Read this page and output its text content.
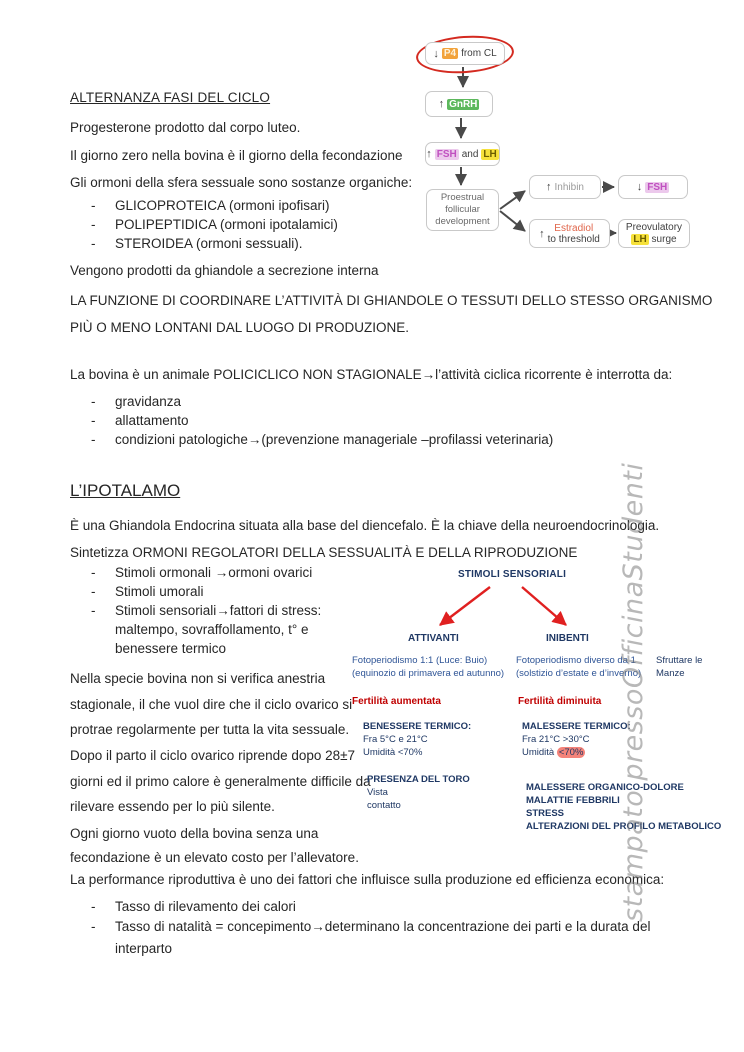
stampato pressoOfficinaStudenti
ALTERNANZA FASI DEL CICLO

Progesterone prodotto dal corpo luteo.

Il giorno zero nella bovina è il giorno della fecondazione

Gli ormoni della sfera sessuale sono sostanze organiche:

-	GLICOPROTEICA (ormoni ipofisari)
-	POLIPEPTIDICA (ormoni ipotalamici)
-	STEROIDEA (ormoni sessuali).

Vengono prodotti da ghiandole a secrezione interna

LA FUNZIONE DI COORDINARE L’ATTIVITÀ DI GHIANDOLE O TESSUTI DELLO STESSO ORGANISMO PIÙ O MENO LONTANI DAL LUOGO DI PRODUZIONE.

La bovina è un animale POLICICLICO NON STAGIONALE→l’attività ciclica ricorrente è interrotta da:

-	gravidanza
-	allattamento
-	condizioni patologiche→(prevenzione manageriale –profilassi veterinaria)
L’IPOTALAMO

È una Ghiandola Endocrina situata alla base del diencefalo. È la chiave della neuroendocrinologia. Sintetizza ORMONI REGOLATORI DELLA SESSUALITÀ E DELLA RIPRODUZIONE

-	Stimoli ormonali →ormoni ovarici
-	Stimoli umorali
-	Stimoli sensoriali→fattori di stress: maltempo, sovraffollamento, t° e benessere termico

Nella specie bovina non si verifica anestria stagionale, il che vuol dire che il ciclo ovarico si protrae regolarmente per tutta la vita sessuale.

Dopo il parto il ciclo ovarico riprende dopo 28±7 giorni ed il primo calore è generalmente difficile da rilevare essendo per lo più silente.

Ogni giorno vuoto della bovina senza una fecondazione è un elevato costo per l’allevatore.

La performance riproduttiva è uno dei fattori che influisce sulla produzione ed efficienza economica:

-	Tasso di rilevamento dei calori
-	Tasso di natalità = concepimento→determinano la concentrazione dei parti e la durata del interparto
↓ P4 from CL
↑ GnRH
↑ FSH and LH
Proestrual follicular development
↑ Inhibin	↓ FSH
↑ Estradiol
to threshold
Preovulatory
LH surge
STIMOLI SENSORIALI
ATTIVANTI	INIBENTI
Fotoperiodismo 1:1 (Luce: Buio)
(equinozio di primavera ed autunno)
Fotoperiodismo diverso da 1
(solstizio d’estate e d’inverno)
Sfruttare le Manze
Fertilità aumentata	Fertilità diminuita
BENESSERE TERMICO:
Fra 5°C e 21°C
Umidità <70%
MALESSERE TERMICO:
Fra 21°C >30°C
Umidità <70%
PRESENZA DEL TORO
Vista
contatto
MALESSERE ORGANICO-DOLORE
MALATTIE FEBBRILI
STRESS
ALTERAZIONI DEL PROFILO METABOLICO
